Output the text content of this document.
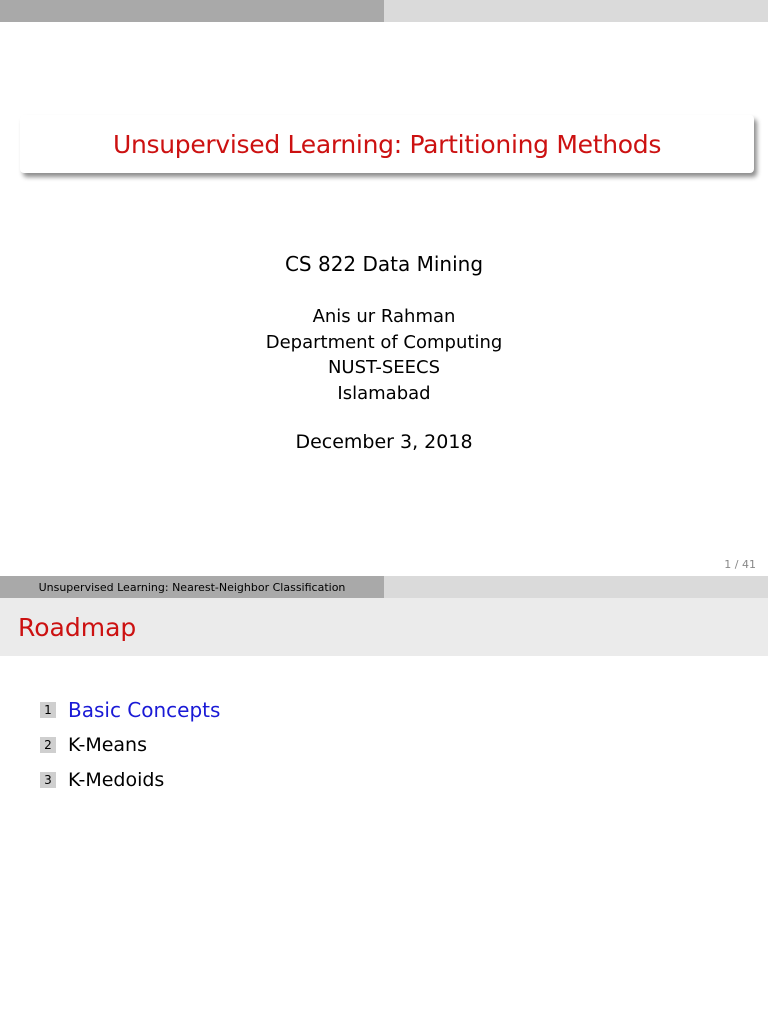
Unsupervised Learning: Partitioning Methods
CS 822 Data Mining
Anis ur Rahman
Department of Computing
NUST-SEECS
Islamabad
December 3, 2018
1 / 41
Unsupervised Learning: Nearest-Neighbor Classification
Roadmap
1 Basic Concepts
2 K-Means
3 K-Medoids
